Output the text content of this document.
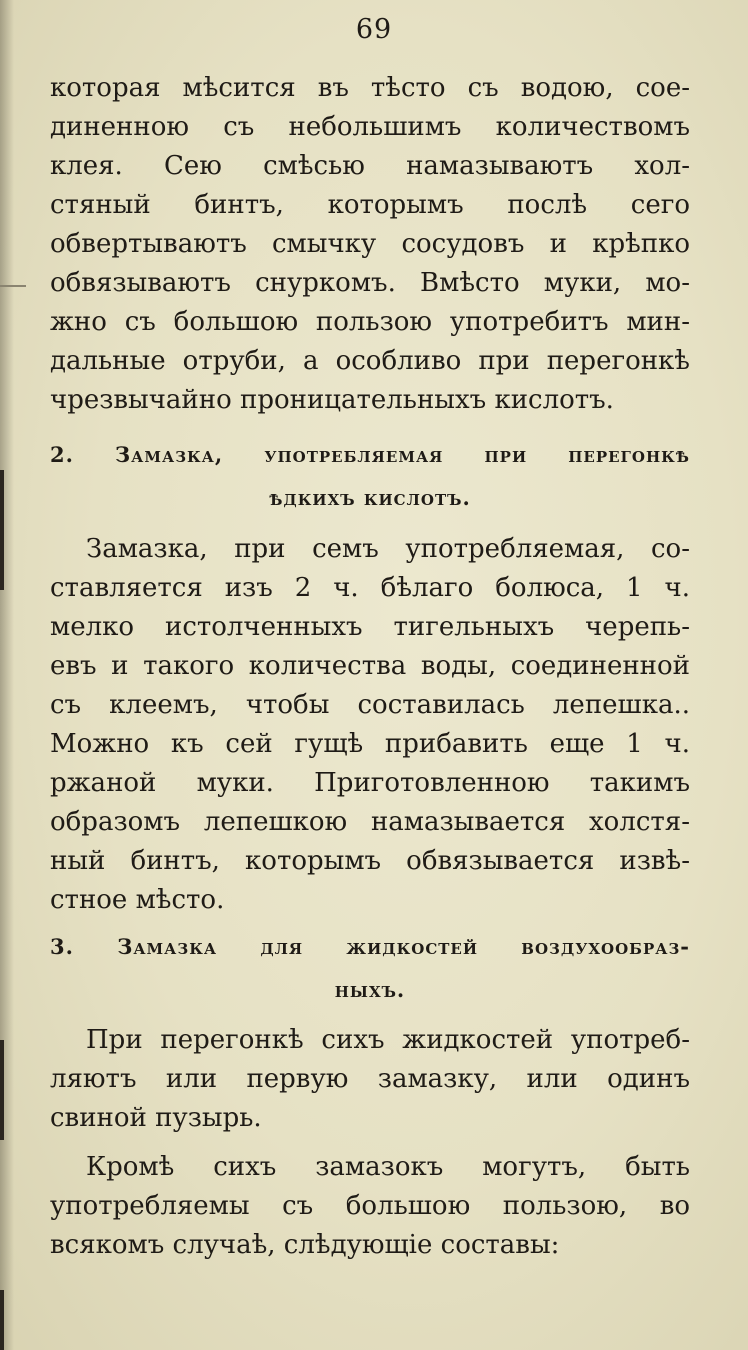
69
которая мѣсится въ тѣсто съ водою, сое-
диненною съ небольшимъ количествомъ
клея. Сею смѣсью намазываютъ хол-
стяный бинтъ, которымъ послѣ сего
обвертываютъ смычку сосудовъ и крѣпко
обвязываютъ снуркомъ. Вмѣсто муки, мо-
жно съ большою пользою употребитъ мин-
дальные отруби, а особливо при перегонкѣ
чрезвычайно проницательныхъ кислотъ.
2. Замазка, употребляемая при перегонкѣ
ѣдкихъ кислотъ.
Замазка, при семъ употребляемая, со-
ставляется изъ 2 ч. бѣлаго болюса, 1 ч.
мелко истолченныхъ тигельныхъ черепь-
евъ и такого количества воды, соединенной
съ клеемъ, чтобы составилась лепешка..
Можно къ сей гущѣ прибавить еще 1 ч.
ржаной муки. Приготовленною такимъ
образомъ лепешкою намазывается холстя-
ный бинтъ, которымъ обвязывается извѣ-
стное мѣсто.
3. Замазка для жидкостей воздухообраз-
ныхъ.
При перегонкѣ сихъ жидкостей употреб-
ляютъ или первую замазку, или одинъ
свиной пузырь.
Кромѣ сихъ замазокъ могутъ, быть
употребляемы съ большою пользою, во
всякомъ случаѣ, слѣдующіе составы:
